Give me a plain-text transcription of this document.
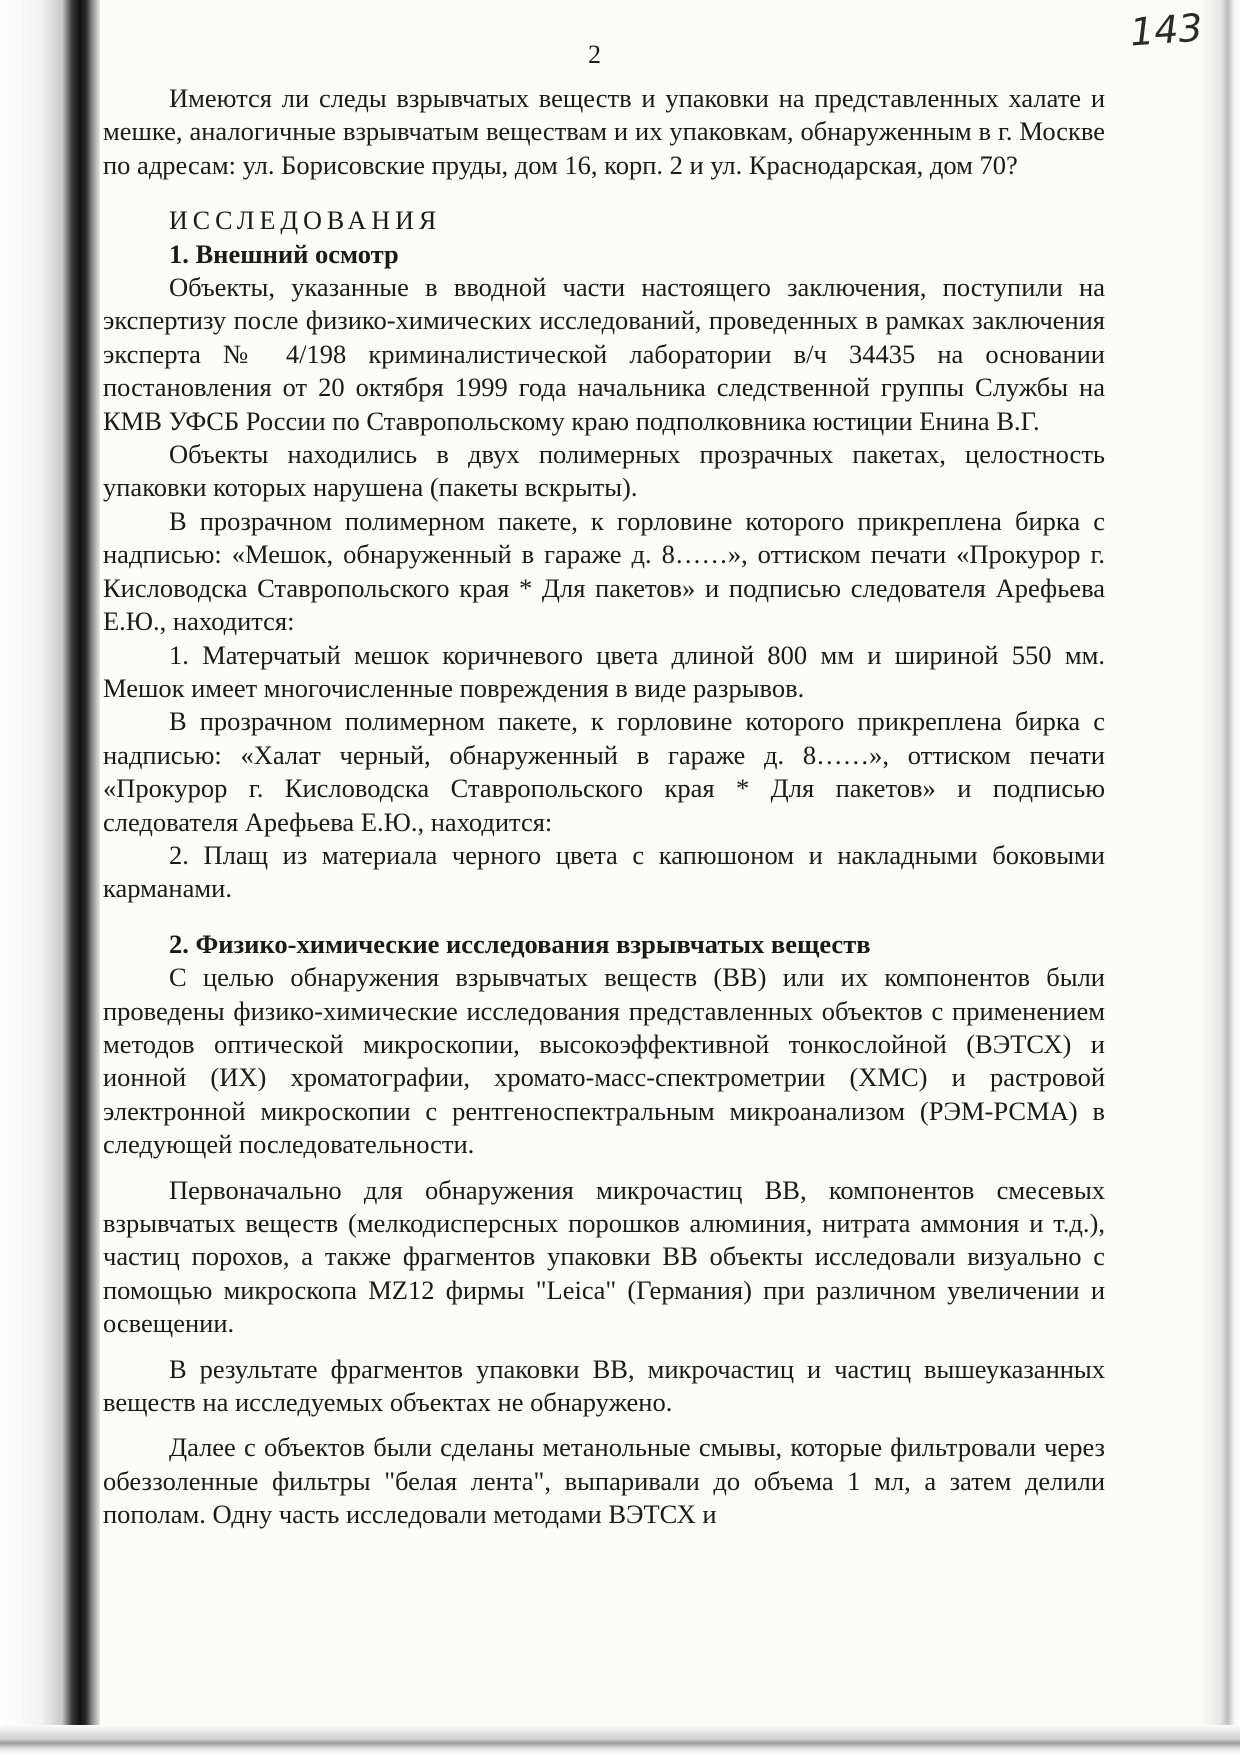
2
143

Имеются ли следы взрывчатых веществ и упаковки на представленных халате и мешке, аналогичные взрывчатым веществам и их упаковкам, обнаруженным в г. Москве по адресам: ул. Борисовские пруды, дом 16, корп. 2 и ул. Краснодарская, дом 70?

ИССЛЕДОВАНИЯ

1. Внешний осмотр

Объекты, указанные в вводной части настоящего заключения, поступили на экспертизу после физико-химических исследований, проведенных в рамках заключения эксперта № 4/198 криминалистической лаборатории в/ч 34435 на основании постановления от 20 октября 1999 года начальника следственной группы Службы на КМВ УФСБ России по Ставропольскому краю подполковника юстиции Енина В.Г.

Объекты находились в двух полимерных прозрачных пакетах, целостность упаковки которых нарушена (пакеты вскрыты).

В прозрачном полимерном пакете, к горловине которого прикреплена бирка с надписью: «Мешок, обнаруженный в гараже д. 8……», оттиском печати «Прокурор г. Кисловодска Ставропольского края * Для пакетов» и подписью следователя Арефьева Е.Ю., находится:

1. Матерчатый мешок коричневого цвета длиной 800 мм и шириной 550 мм. Мешок имеет многочисленные повреждения в виде разрывов.

В прозрачном полимерном пакете, к горловине которого прикреплена бирка с надписью: «Халат черный, обнаруженный в гараже д. 8……», оттиском печати «Прокурор г. Кисловодска Ставропольского края * Для пакетов» и подписью следователя Арефьева Е.Ю., находится:

2. Плащ из материала черного цвета с капюшоном и накладными боковыми карманами.

2. Физико-химические исследования взрывчатых веществ

С целью обнаружения взрывчатых веществ (ВВ) или их компонентов были проведены физико-химические исследования представленных объектов с применением методов оптической микроскопии, высокоэффективной тонкослойной (ВЭТСХ) и ионной (ИХ) хроматографии, хромато-масс-спектрометрии (ХМС) и растровой электронной микроскопии с рентгеноспектральным микроанализом (РЭМ-РСМА) в следующей последовательности.

Первоначально для обнаружения микрочастиц ВВ, компонентов смесевых взрывчатых веществ (мелкодисперсных порошков алюминия, нитрата аммония и т.д.), частиц порохов, а также фрагментов упаковки ВВ объекты исследовали визуально с помощью микроскопа MZ12 фирмы "Leica" (Германия) при различном увеличении и освещении.

В результате фрагментов упаковки ВВ, микрочастиц и частиц вышеуказанных веществ на исследуемых объектах не обнаружено.

Далее с объектов были сделаны метанольные смывы, которые фильтровали через обеззоленные фильтры "белая лента", выпаривали до объема 1 мл, а затем делили пополам. Одну часть исследовали методами ВЭТСХ и
